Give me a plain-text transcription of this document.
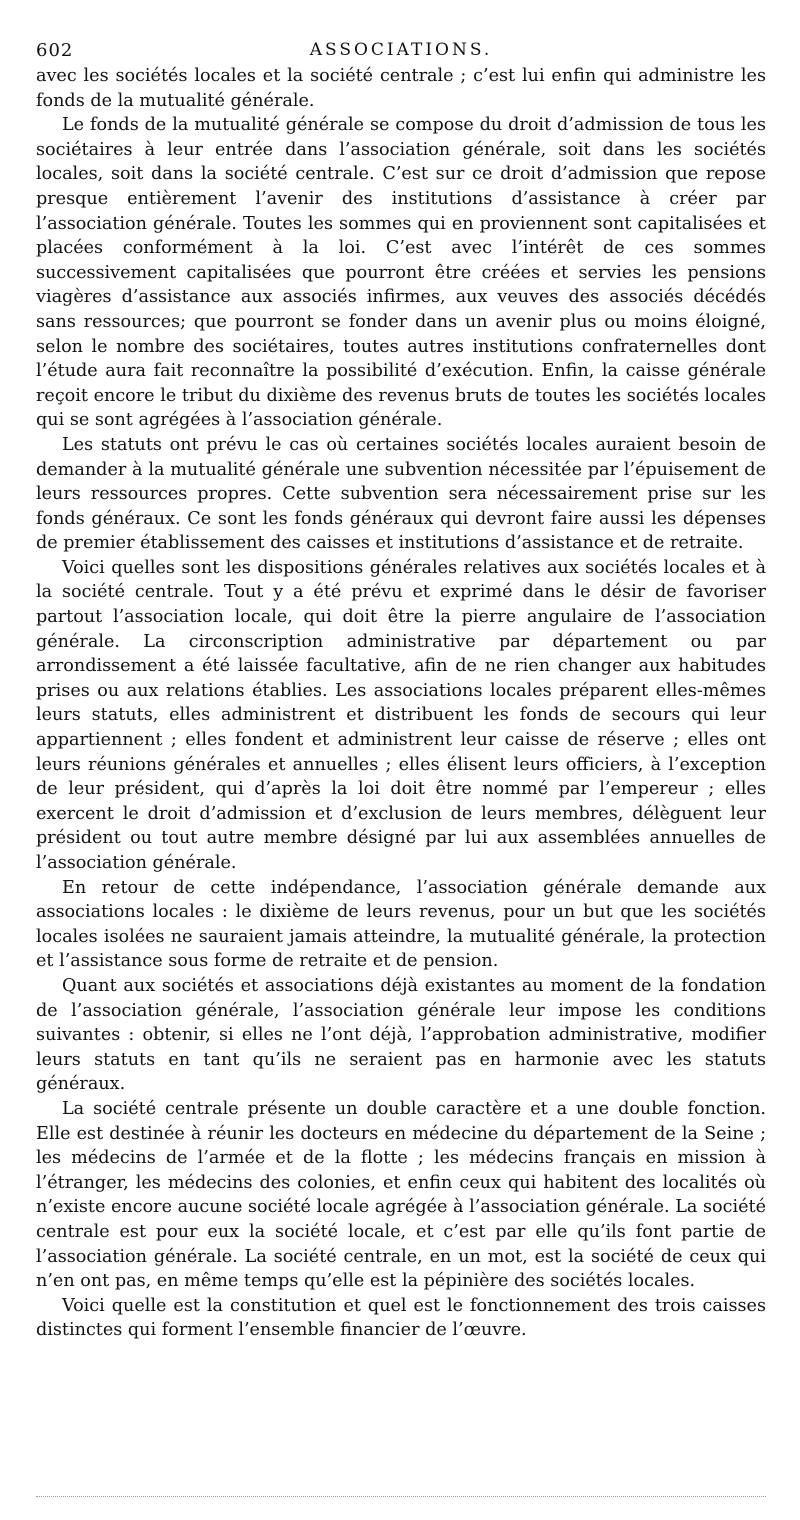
602	ASSOCIATIONS.

avec les sociétés locales et la société centrale ; c’est lui enfin qui administre les fonds de la mutualité générale.

Le fonds de la mutualité générale se compose du droit d’admission de tous les sociétaires à leur entrée dans l’association générale, soit dans les sociétés locales, soit dans la société centrale. C’est sur ce droit d’admission que repose presque entièrement l’avenir des institutions d’assistance à créer par l’association générale. Toutes les sommes qui en proviennent sont capitalisées et placées conformément à la loi. C’est avec l’intérêt de ces sommes successivement capitalisées que pourront être créées et servies les pensions viagères d’assistance aux associés infirmes, aux veuves des associés décédés sans ressources; que pourront se fonder dans un avenir plus ou moins éloigné, selon le nombre des sociétaires, toutes autres institutions confraternelles dont l’étude aura fait reconnaître la possibilité d’exécution. Enfin, la caisse générale reçoit encore le tribut du dixième des revenus bruts de toutes les sociétés locales qui se sont agrégées à l’association générale.

Les statuts ont prévu le cas où certaines sociétés locales auraient besoin de demander à la mutualité générale une subvention nécessitée par l’épuisement de leurs ressources propres. Cette subvention sera nécessairement prise sur les fonds généraux. Ce sont les fonds généraux qui devront faire aussi les dépenses de premier établissement des caisses et institutions d’assistance et de retraite.

Voici quelles sont les dispositions générales relatives aux sociétés locales et à la société centrale. Tout y a été prévu et exprimé dans le désir de favoriser partout l’association locale, qui doit être la pierre angulaire de l’association générale. La circonscription administrative par département ou par arrondissement a été laissée facultative, afin de ne rien changer aux habitudes prises ou aux relations établies. Les associations locales préparent elles-mêmes leurs statuts, elles administrent et distribuent les fonds de secours qui leur appartiennent ; elles fondent et administrent leur caisse de réserve ; elles ont leurs réunions générales et annuelles ; elles élisent leurs officiers, à l’exception de leur président, qui d’après la loi doit être nommé par l’empereur ; elles exercent le droit d’admission et d’exclusion de leurs membres, délèguent leur président ou tout autre membre désigné par lui aux assemblées annuelles de l’association générale.

En retour de cette indépendance, l’association générale demande aux associations locales : le dixième de leurs revenus, pour un but que les sociétés locales isolées ne sauraient jamais atteindre, la mutualité générale, la protection et l’assistance sous forme de retraite et de pension.

Quant aux sociétés et associations déjà existantes au moment de la fondation de l’association générale, l’association générale leur impose les conditions suivantes : obtenir, si elles ne l’ont déjà, l’approbation administrative, modifier leurs statuts en tant qu’ils ne seraient pas en harmonie avec les statuts généraux.

La société centrale présente un double caractère et a une double fonction. Elle est destinée à réunir les docteurs en médecine du département de la Seine ; les médecins de l’armée et de la flotte ; les médecins français en mission à l’étranger, les médecins des colonies, et enfin ceux qui habitent des localités où n’existe encore aucune société locale agrégée à l’association générale. La société centrale est pour eux la société locale, et c’est par elle qu’ils font partie de l’association générale. La société centrale, en un mot, est la société de ceux qui n’en ont pas, en même temps qu’elle est la pépinière des sociétés locales.

Voici quelle est la constitution et quel est le fonctionnement des trois caisses distinctes qui forment l’ensemble financier de l’œuvre.
